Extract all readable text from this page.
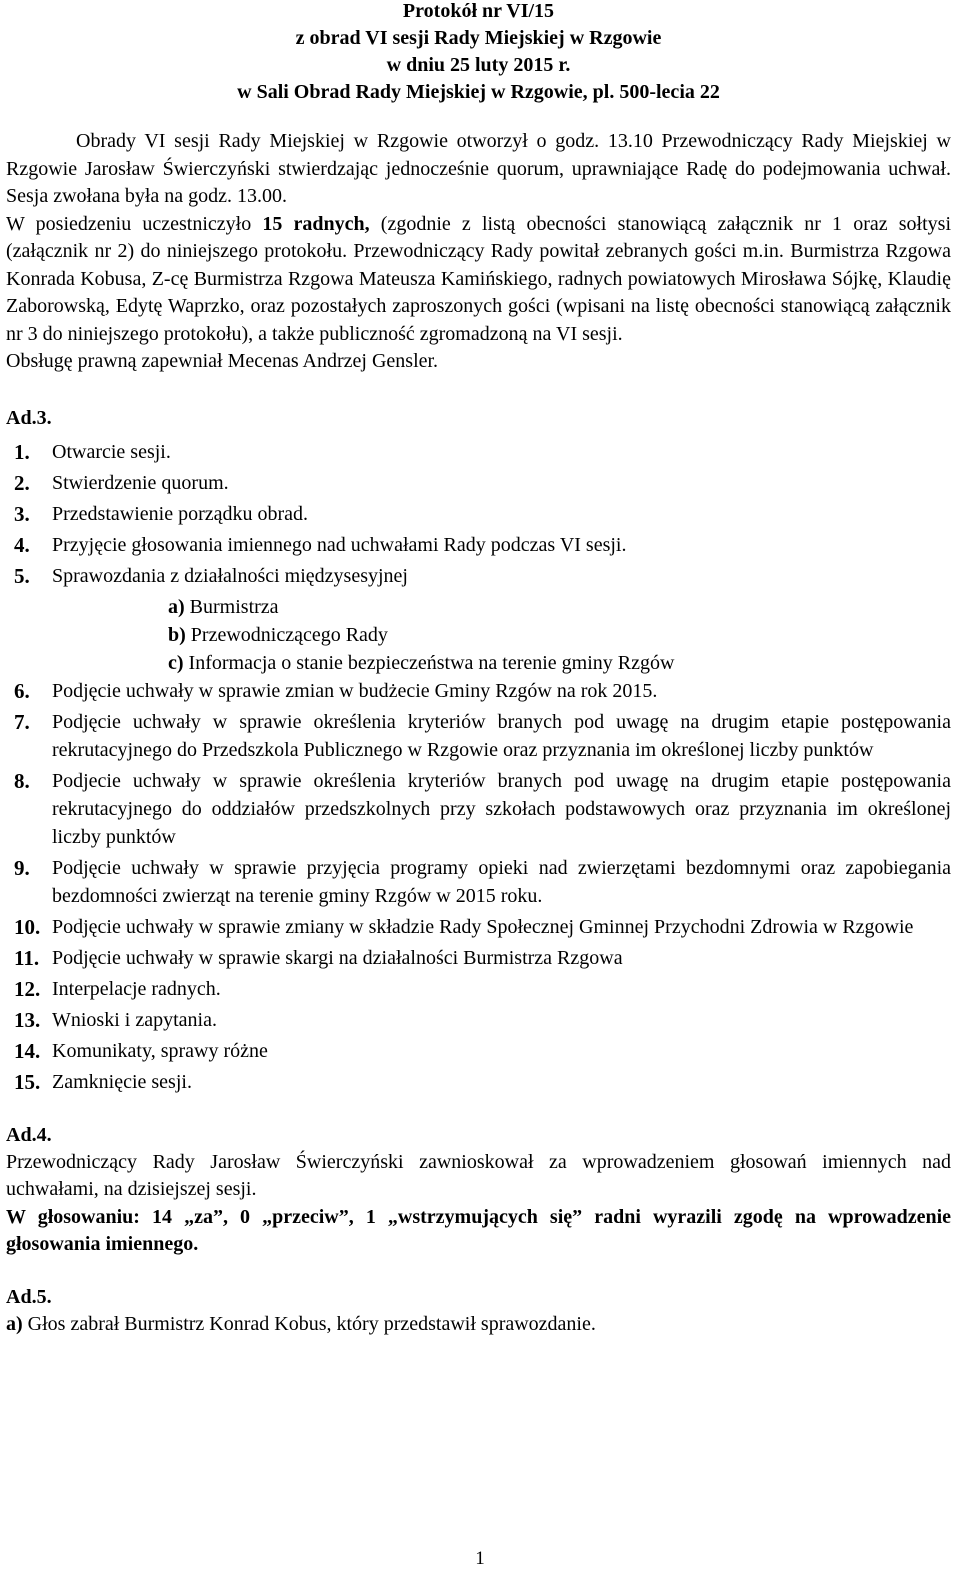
Protokół nr VI/15
z obrad VI sesji Rady Miejskiej w Rzgowie
w dniu 25 luty 2015 r.
w Sali Obrad Rady Miejskiej w Rzgowie, pl. 500-lecia 22

Obrady VI sesji Rady Miejskiej w Rzgowie otworzył o godz. 13.10 Przewodniczący Rady Miejskiej w Rzgowie Jarosław Świerczyński stwierdzając jednocześnie quorum, uprawniające Radę do podejmowania uchwał. Sesja zwołana była na godz. 13.00.

W posiedzeniu uczestniczyło 15 radnych, (zgodnie z listą obecności stanowiącą załącznik nr 1 oraz sołtysi (załącznik nr 2) do niniejszego protokołu. Przewodniczący Rady powitał zebranych gości m.in. Burmistrza Rzgowa Konrada Kobusa, Z-cę Burmistrza Rzgowa Mateusza Kamińskiego, radnych powiatowych Mirosława Sójkę, Klaudię Zaborowską, Edytę Waprzko, oraz pozostałych zaproszonych gości (wpisani na listę obecności stanowiącą załącznik nr 3 do niniejszego protokołu), a także publiczność zgromadzoną na VI sesji.

Obsługę prawną zapewniał Mecenas Andrzej Gensler.

Ad.3.
1. Otwarcie sesji.
2. Stwierdzenie quorum.
3. Przedstawienie porządku obrad.
4. Przyjęcie głosowania imiennego nad uchwałami Rady podczas VI sesji.
5. Sprawozdania z działalności międzysesyjnej
a) Burmistrza
b) Przewodniczącego Rady
c) Informacja o stanie bezpieczeństwa na terenie gminy Rzgów
6. Podjęcie uchwały w sprawie zmian w budżecie Gminy Rzgów na rok 2015.
7. Podjęcie uchwały w sprawie określenia kryteriów branych pod uwagę na drugim etapie postępowania rekrutacyjnego do Przedszkola Publicznego w Rzgowie oraz przyznania im określonej liczby punktów
8. Podjecie uchwały w sprawie określenia kryteriów branych pod uwagę na drugim etapie postępowania rekrutacyjnego do oddziałów przedszkolnych przy szkołach podstawowych oraz przyznania im określonej liczby punktów
9. Podjęcie uchwały w sprawie przyjęcia programy opieki nad zwierzętami bezdomnymi oraz zapobiegania bezdomności zwierząt na terenie gminy Rzgów w 2015 roku.
10. Podjęcie uchwały w sprawie zmiany w składzie Rady Społecznej Gminnej Przychodni Zdrowia w Rzgowie
11. Podjęcie uchwały w sprawie skargi na działalności Burmistrza Rzgowa
12. Interpelacje radnych.
13. Wnioski i zapytania.
14. Komunikaty, sprawy różne
15. Zamknięcie sesji.
Ad.4.

Przewodniczący Rady Jarosław Świerczyński zawnioskował za wprowadzeniem głosowań imiennych nad uchwałami, na dzisiejszej sesji.

W głosowaniu: 14 „za”, 0 „przeciw”, 1 „wstrzymujących się” radni wyrazili zgodę na wprowadzenie głosowania imiennego.

Ad.5.

a) Głos zabrał Burmistrz Konrad Kobus, który przedstawił sprawozdanie.

1
